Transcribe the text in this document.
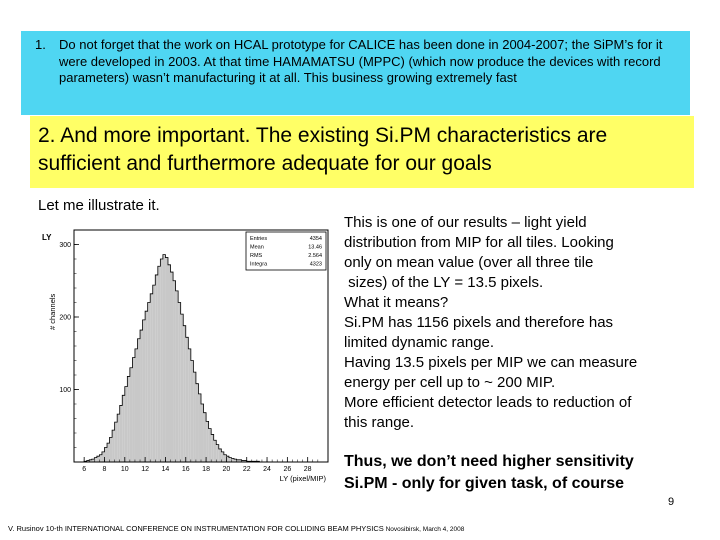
1. Do not forget that the work on HCAL prototype for CALICE has been done in 2004-2007; the SiPM’s for it were developed in 2003. At that time HAMAMATSU (MPPC) (which now produce the devices with record parameters) wasn’t manufacturing it at all. This business growing extremely fast
2. And more important. The existing Si.PM characteristics are sufficient and furthermore adequate for our goals
Let me illustrate it.
LY
# channels
LY (pixel/MIP)
6 8 10 12 14 16 18 20 22 24 26 28
100
200
300
Entries	4354
Mean	13.46
RMS	2.564
Integra	4323
This is one of our results – light yield
distribution from MIP for all tiles. Looking
only on mean value (over all three tile
sizes) of the LY = 13.5 pixels.
What it means?
Si.PM has 1156 pixels and therefore has
limited dynamic range.
Having 13.5 pixels per MIP we can measure
energy per cell up to ~ 200 MIP.
More efficient detector leads to reduction of
this range.
Thus, we don’t need higher sensitivity
Si.PM - only for given task, of course
9
V. Rusinov 10-th INTERNATIONAL CONFERENCE ON INSTRUMENTATION FOR COLLIDING BEAM PHYSICS Novosibirsk, March 4, 2008
